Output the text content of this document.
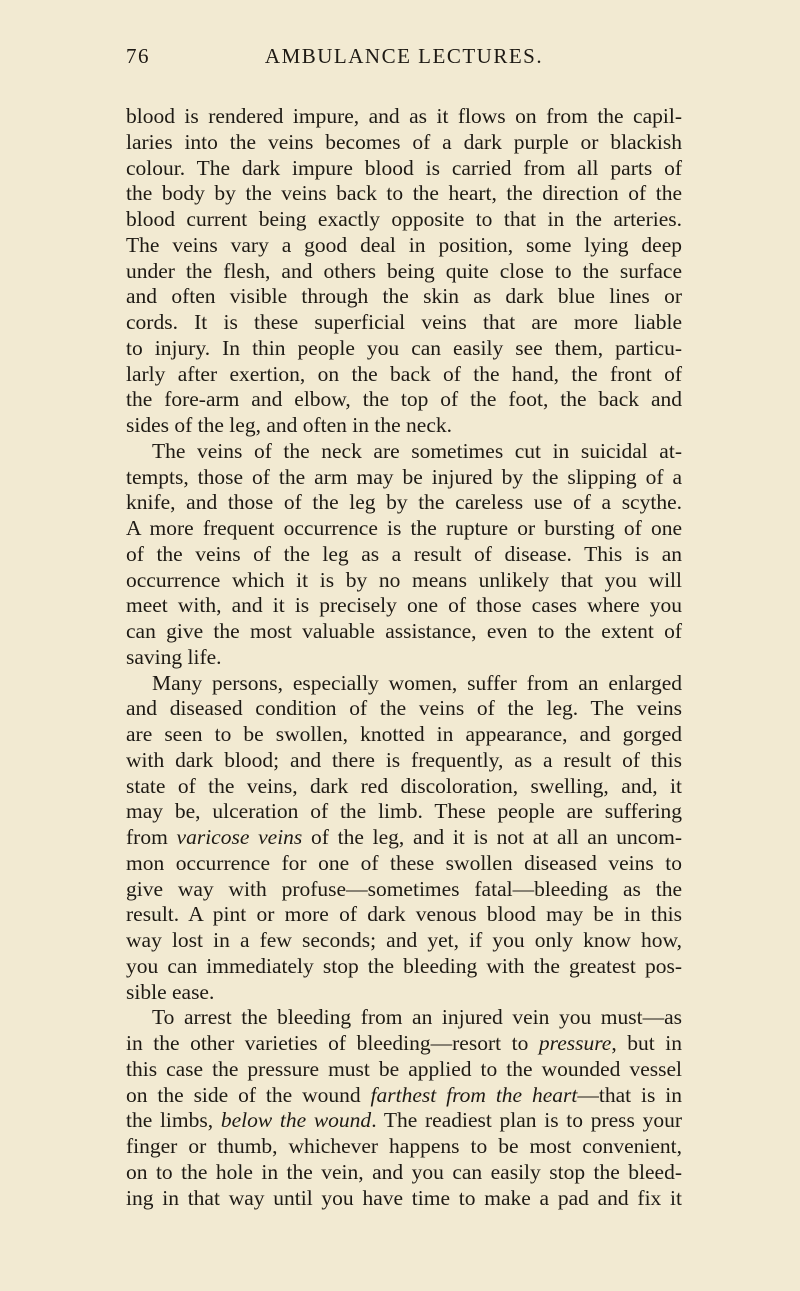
76	AMBULANCE LECTURES.
blood is rendered impure, and as it flows on from the capil-
laries into the veins becomes of a dark purple or blackish
colour. The dark impure blood is carried from all parts of
the body by the veins back to the heart, the direction of the
blood current being exactly opposite to that in the arteries.
The veins vary a good deal in position, some lying deep
under the flesh, and others being quite close to the surface
and often visible through the skin as dark blue lines or
cords. It is these superficial veins that are more liable
to injury. In thin people you can easily see them, particu-
larly after exertion, on the back of the hand, the front of
the fore-arm and elbow, the top of the foot, the back and
sides of the leg, and often in the neck.
The veins of the neck are sometimes cut in suicidal at-
tempts, those of the arm may be injured by the slipping of a
knife, and those of the leg by the careless use of a scythe.
A more frequent occurrence is the rupture or bursting of one
of the veins of the leg as a result of disease. This is an
occurrence which it is by no means unlikely that you will
meet with, and it is precisely one of those cases where you
can give the most valuable assistance, even to the extent of
saving life.
Many persons, especially women, suffer from an enlarged
and diseased condition of the veins of the leg. The veins
are seen to be swollen, knotted in appearance, and gorged
with dark blood; and there is frequently, as a result of this
state of the veins, dark red discoloration, swelling, and, it
may be, ulceration of the limb. These people are suffering
from varicose veins of the leg, and it is not at all an uncom-
mon occurrence for one of these swollen diseased veins to
give way with profuse—sometimes fatal—bleeding as the
result. A pint or more of dark venous blood may be in this
way lost in a few seconds; and yet, if you only know how,
you can immediately stop the bleeding with the greatest pos-
sible ease.
To arrest the bleeding from an injured vein you must—as
in the other varieties of bleeding—resort to pressure, but in
this case the pressure must be applied to the wounded vessel
on the side of the wound farthest from the heart—that is in
the limbs, below the wound. The readiest plan is to press your
finger or thumb, whichever happens to be most convenient,
on to the hole in the vein, and you can easily stop the bleed-
ing in that way until you have time to make a pad and fix it
